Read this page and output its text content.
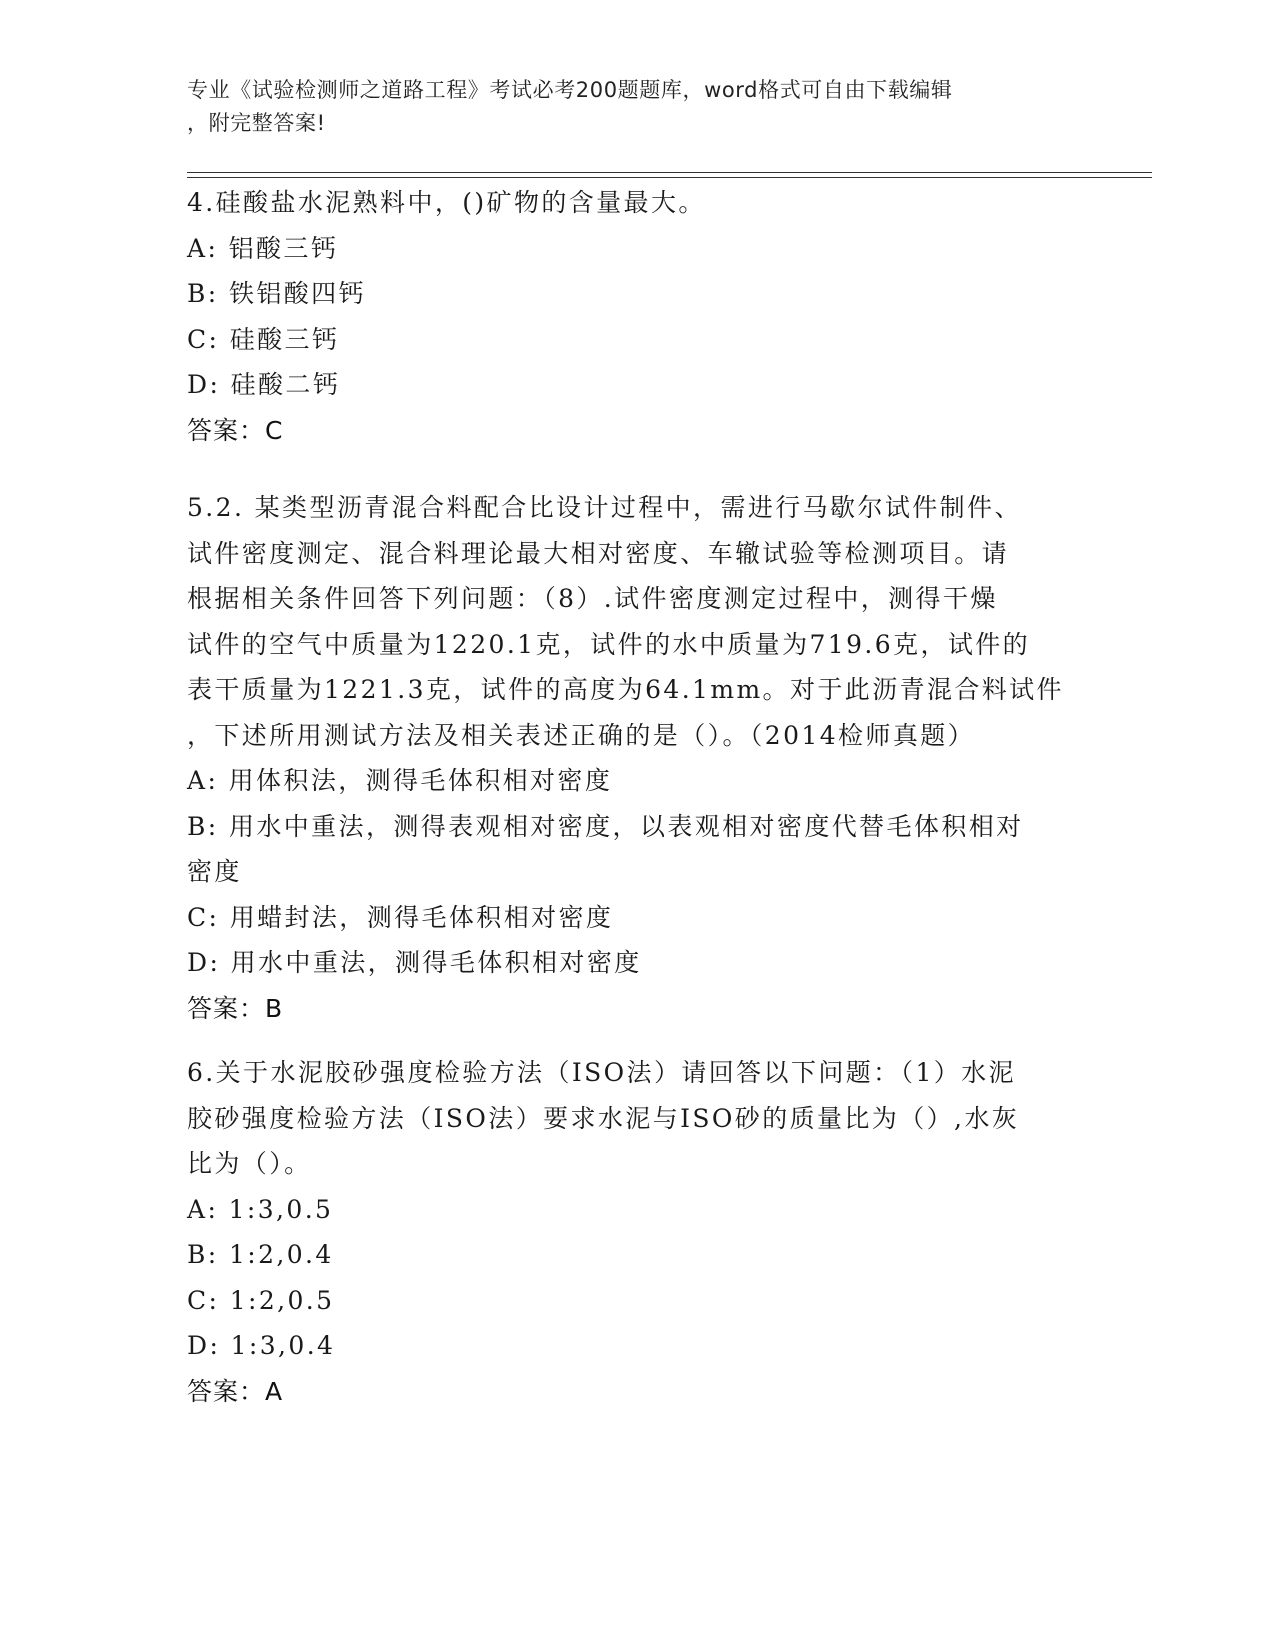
专业《试验检测师之道路工程》考试必考200题题库，word格式可自由下载编辑
，附完整答案!
4.硅酸盐水泥熟料中，()矿物的含量最大。
A: 铝酸三钙
B: 铁铝酸四钙
C: 硅酸三钙
D: 硅酸二钙
答案：C
5.2. 某类型沥青混合料配合比设计过程中，需进行马歇尔试件制件、
试件密度测定、混合料理论最大相对密度、车辙试验等检测项目。请
根据相关条件回答下列问题：（8）.试件密度测定过程中，测得干燥
试件的空气中质量为1220.1克，试件的水中质量为719.6克，试件的
表干质量为1221.3克，试件的高度为64.1mm。对于此沥青混合料试件
，下述所用测试方法及相关表述正确的是（）。（2014检师真题）
A: 用体积法，测得毛体积相对密度
B: 用水中重法，测得表观相对密度，以表观相对密度代替毛体积相对
密度
C: 用蜡封法，测得毛体积相对密度
D: 用水中重法，测得毛体积相对密度
答案：B
6.关于水泥胶砂强度检验方法（ISO法）请回答以下问题：（1）水泥
胶砂强度检验方法（ISO法）要求水泥与ISO砂的质量比为（）,水灰
比为（）。
A: 1:3,0.5
B: 1:2,0.4
C: 1:2,0.5
D: 1:3,0.4
答案：A
